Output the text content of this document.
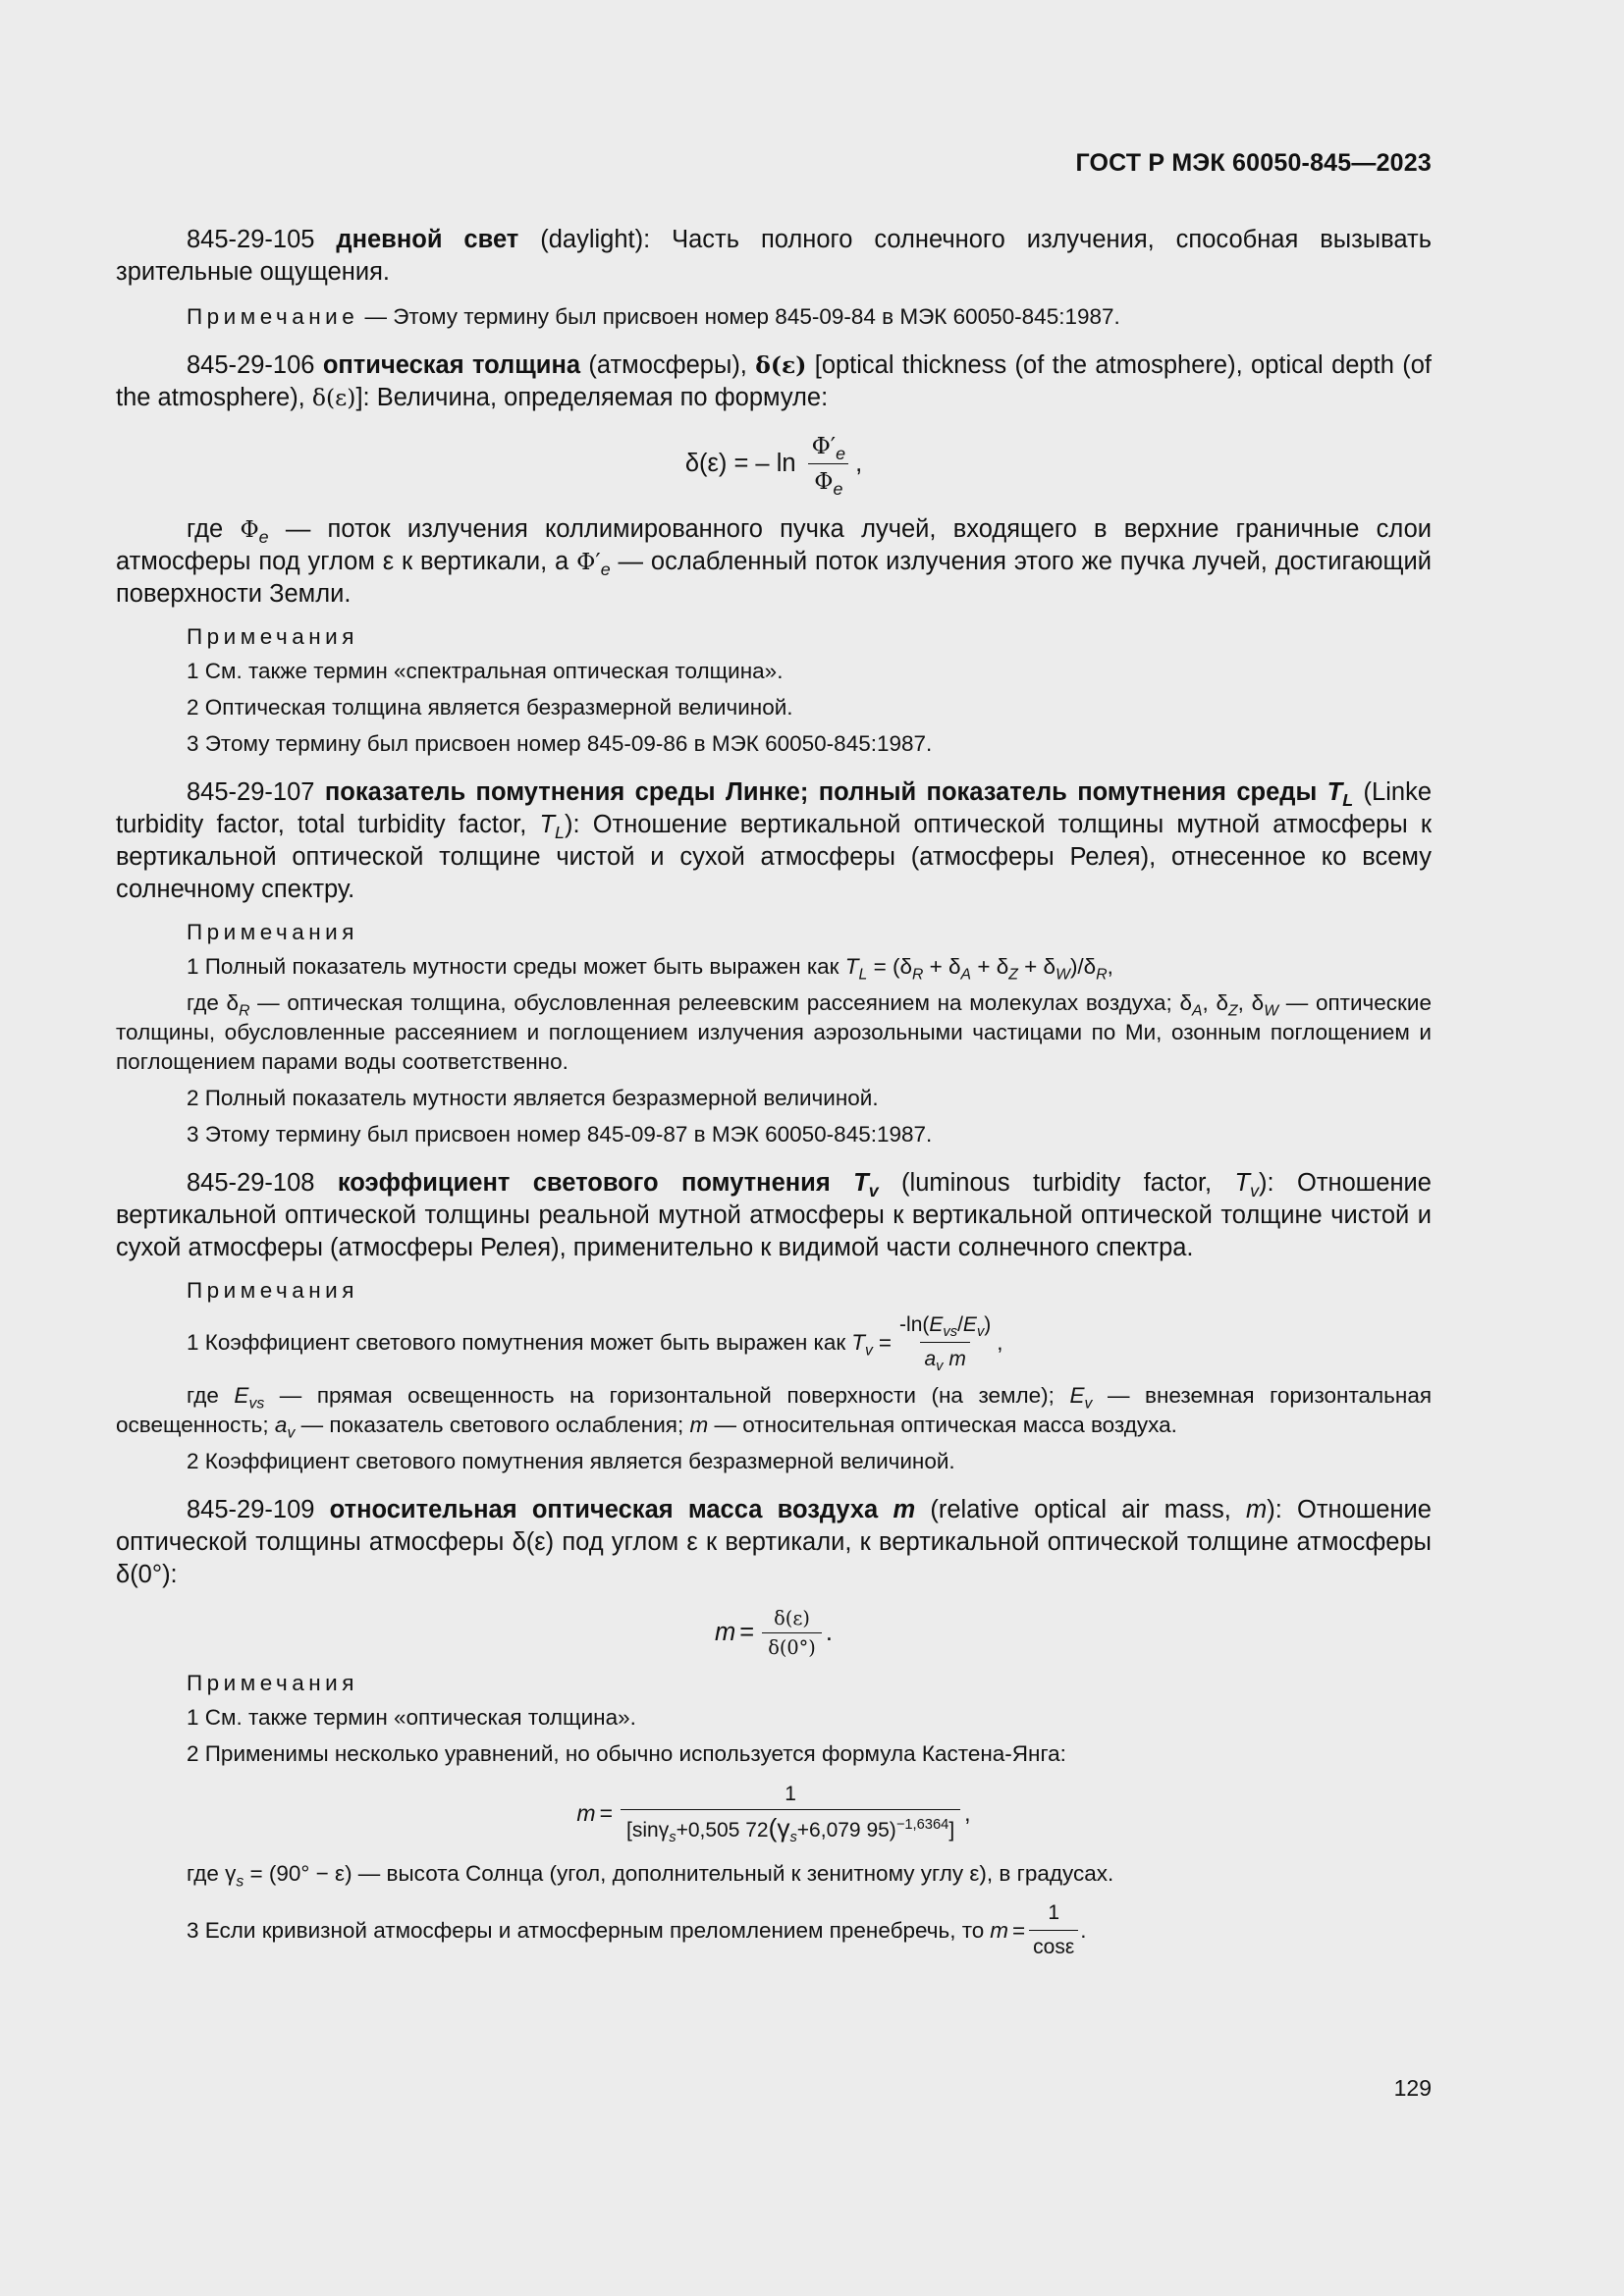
ГОСТ Р МЭК 60050-845—2023

845-29-105 дневной свет (daylight): Часть полного солнечного излучения, способная вызывать зрительные ощущения.

Примечание — Этому термину был присвоен номер 845-09-84 в МЭК 60050-845:1987.

845-29-106 оптическая толщина (атмосферы), δ(ε) [optical thickness (of the atmosphere), optical depth (of the atmosphere), δ(ε)]: Величина, определяемая по формуле:

δ(ε) = – $\ln \frac{\Phi'_e}{\Phi_e}$ ,

где $\Phi_e$ — поток излучения коллимированного пучка лучей, входящего в верхние граничные слои атмосферы под углом ε к вертикали, а $\Phi'_e$ — ослабленный поток излучения этого же пучка лучей, достигающий поверхности Земли.

Примечания

1 См. также термин «спектральная оптическая толщина».

2 Оптическая толщина является безразмерной величиной.

3 Этому термину был присвоен номер 845-09-86 в МЭК 60050-845:1987.

845-29-107 показатель помутнения среды Линке; полный показатель помутнения среды $T_L$ (Linke turbidity factor, total turbidity factor, $T_L$): Отношение вертикальной оптической толщины мутной атмосферы к вертикальной оптической толщине чистой и сухой атмосферы (атмосферы Релея), отнесенное ко всему солнечному спектру.

Примечания

1 Полный показатель мутности среды может быть выражен как $T_L = (\delta_R + \delta_A + \delta_Z + \delta_W)/\delta_R$,

где $\delta_R$ — оптическая толщина, обусловленная релеевским рассеянием на молекулах воздуха; $\delta_A$, $\delta_Z$, $\delta_W$ — оптические толщины, обусловленные рассеянием и поглощением излучения аэрозольными частицами по Ми, озонным поглощением и поглощением парами воды соответственно.

2 Полный показатель мутности является безразмерной величиной.

3 Этому термину был присвоен номер 845-09-87 в МЭК 60050-845:1987.

845-29-108 коэффициент светового помутнения $T_v$ (luminous turbidity factor, $T_v$): Отношение вертикальной оптической толщины реальной мутной атмосферы к вертикальной оптической толщине чистой и сухой атмосферы (атмосферы Релея), применительно к видимой части солнечного спектра.

Примечания

1 Коэффициент светового помутнения может быть выражен как $T_v = \frac{-\ln(E_{vs}/E_v)}{a_v m}$ ,

где $E_{vs}$ — прямая освещенность на горизонтальной поверхности (на земле); $E_v$ — внеземная горизонтальная освещенность; $a_v$ — показатель светового ослабления; m — относительная оптическая масса воздуха.

2 Коэффициент светового помутнения является безразмерной величиной.

845-29-109 относительная оптическая масса воздуха m (relative optical air mass, m): Отношение оптической толщины атмосферы δ(ε) под углом ε к вертикали, к вертикальной оптической толщине атмосферы δ(0°):

$m = \frac{\delta(\varepsilon)}{\delta(0^\circ)}$ .

Примечания

1 См. также термин «оптическая толщина».

2 Применимы несколько уравнений, но обычно используется формула Кастена-Янга:

$m = \frac{1}{[\sin\gamma_s+0,505 72(\gamma_s+6,079 95)^{-1,6364}]}$ ,

где $\gamma_s = (90^\circ - \varepsilon)$ — высота Солнца (угол, дополнительный к зенитному углу ε), в градусах.

3 Если кривизной атмосферы и атмосферным преломлением пренебречь, то $m = \frac{1}{\cos\varepsilon}$ .

129
